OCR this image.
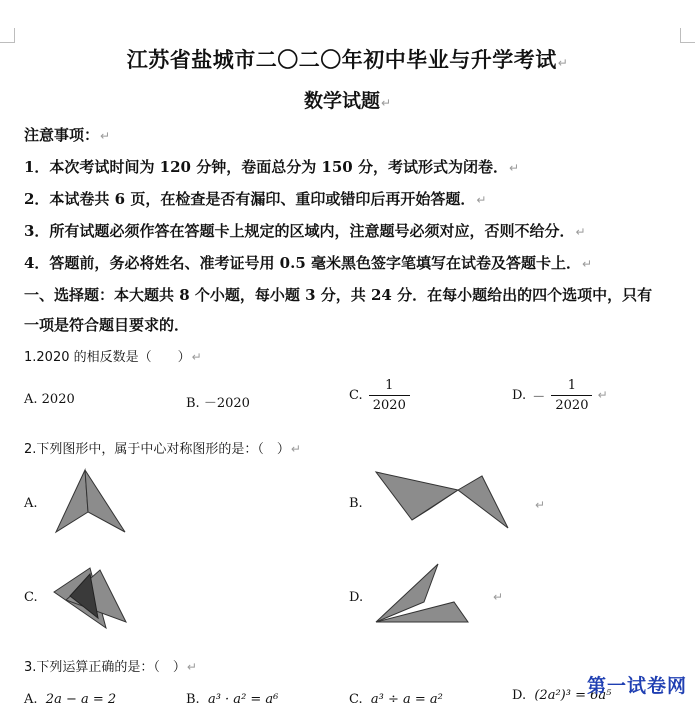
江苏省盐城市二〇二〇年初中毕业与升学考试↵
数学试题↵
注意事项：↵
1．本次考试时间为 120 分钟，卷面总分为 150 分，考试形式为闭卷．↵
2．本试卷共 6 页，在检查是否有漏印、重印或错印后再开始答题．↵
3．所有试题必须作答在答题卡上规定的区域内，注意题号必须对应，否则不给分．↵
4．答题前，务必将姓名、准考证号用 0.5 毫米黑色签字笔填写在试卷及答题卡上．↵
一、选择题：本大题共 8 个小题，每小题 3 分，共 24 分．在每小题给出的四个选项中，只有
一项是符合题目要求的．
1.2020 的相反数是（　　）↵
A. 2020	B. －2020
C. $\frac{1}{2020}$	D. － $\frac{1}{2020}$ ↵
2.下列图形中，属于中心对称图形的是：（　）↵
A.	B.	↵
C.	D.	↵
3.下列运算正确的是：（　）↵
A. 2a − a = 2	B. a³ · a² = a⁶	C. a³ ÷ a = a²	D. (2a²)³ = 6a⁵
第一试卷网
